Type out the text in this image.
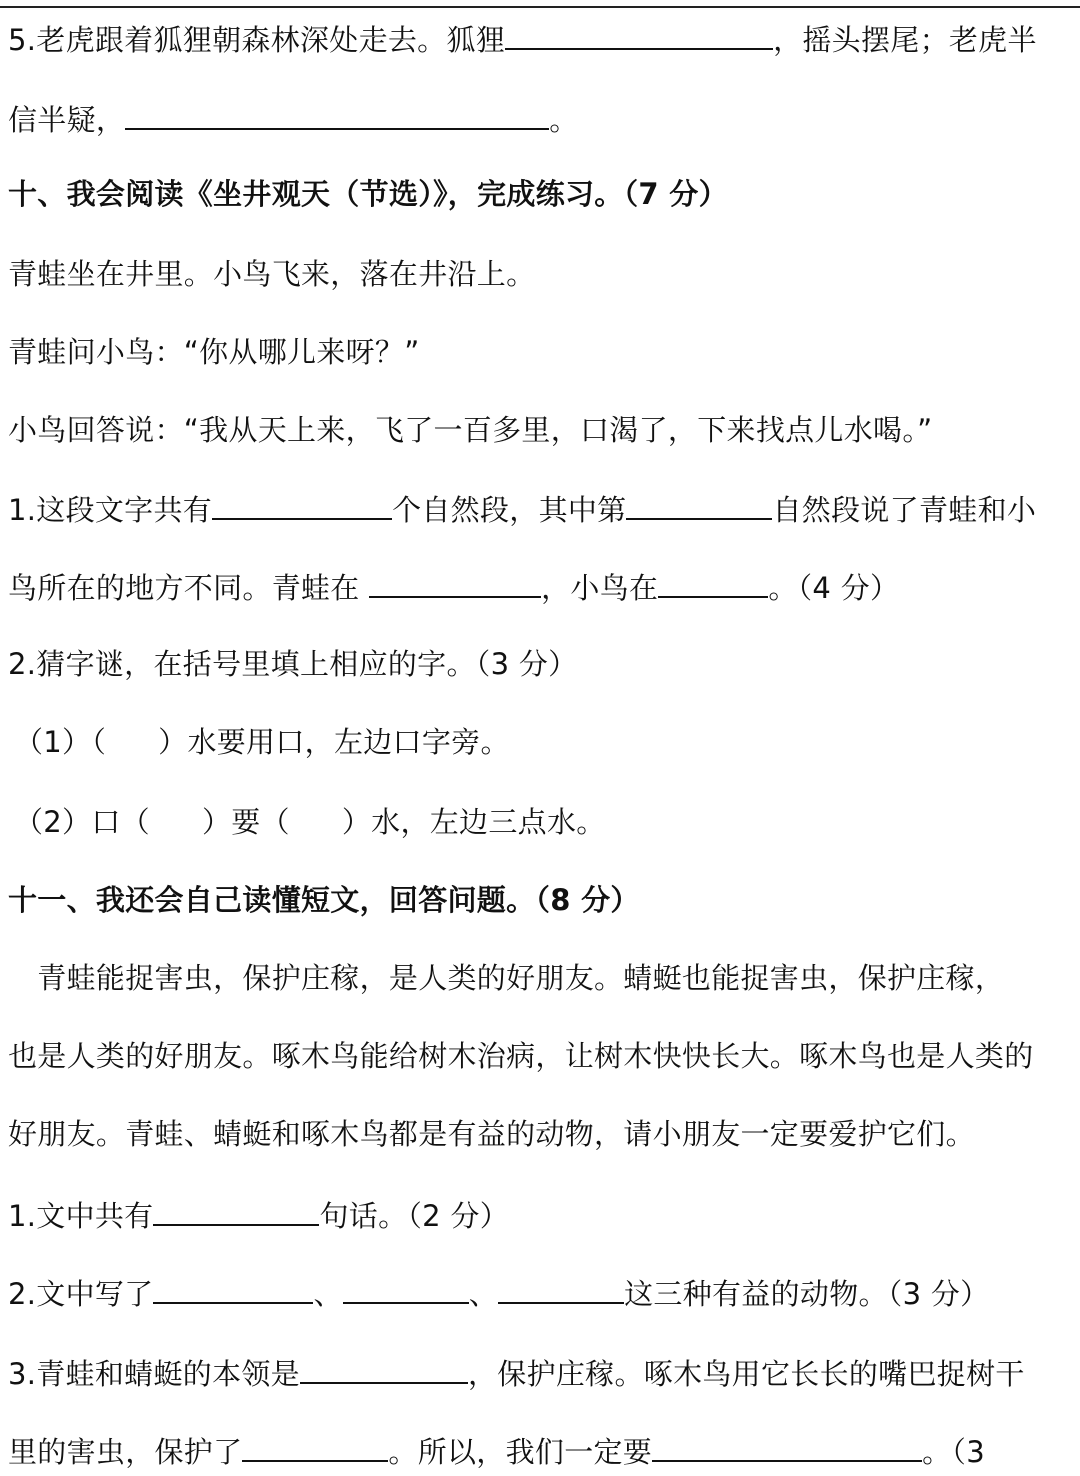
5.老虎跟着狐狸朝森林深处走去。狐狸	，摇头摆尾；老虎半
信半疑，	。
十、我会阅读《坐井观天（节选）》，完成练习。（7 分）
青蛙坐在井里。小鸟飞来，落在井沿上。
青蛙问小鸟：“你从哪儿来呀？”
小鸟回答说：“我从天上来，飞了一百多里，口渴了，下来找点儿水喝。”
1.这段文字共有	个自然段，其中第	自然段说了青蛙和小
鸟所在的地方不同。青蛙在	，小鸟在	。（4 分）
2.猜字谜，在括号里填上相应的字。（3 分）
（1）（ ）水要用口，左边口字旁。
（2）口（ ）要（ ）水，左边三点水。
十一、我还会自己读懂短文，回答问题。（8 分）
　青蛙能捉害虫，保护庄稼，是人类的好朋友。蜻蜓也能捉害虫，保护庄稼，
也是人类的好朋友。啄木鸟能给树木治病，让树木快快长大。啄木鸟也是人类的
好朋友。青蛙、蜻蜓和啄木鸟都是有益的动物，请小朋友一定要爱护它们。
1.文中共有	句话。（2 分）
2.文中写了	、	、	这三种有益的动物。（3 分）
3.青蛙和蜻蜓的本领是	，保护庄稼。啄木鸟用它长长的嘴巴捉树干
里的害虫，保护了	。所以，我们一定要	。（3
